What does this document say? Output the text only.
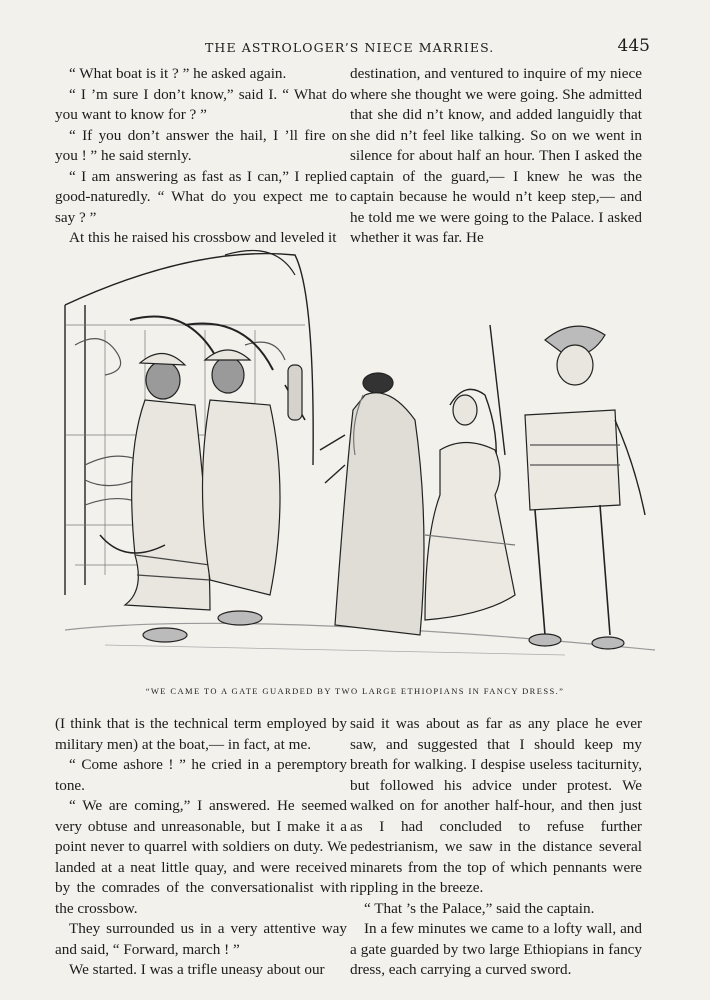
THE ASTROLOGER’S NIECE MARRIES.	445

“ What boat is it ? ” he asked again.

“ I ’m sure I don’t know,” said I. “ What do you want to know for ? ”

“ If you don’t answer the hail, I ’ll fire on you ! ” he said sternly.

“ I am answering as fast as I can,” I replied good-naturedly. “ What do you expect me to say ? ”

At this he raised his crossbow and leveled it

destination, and ventured to inquire of my niece where she thought we were going. She admitted that she did n’t know, and added languidly that she did n’t feel like talking. So on we went in silence for about half an hour. Then I asked the captain of the guard,— I knew he was the captain because he would n’t keep step,— and he told me we were going to the Palace. I asked whether it was far. He

“WE CAME TO A GATE GUARDED BY TWO LARGE ETHIOPIANS IN FANCY DRESS.”

(I think that is the technical term employed by military men) at the boat,— in fact, at me.

“ Come ashore ! ” he cried in a peremptory tone.

“ We are coming,” I answered. He seemed very obtuse and unreasonable, but I make it a point never to quarrel with soldiers on duty. We landed at a neat little quay, and were received by the comrades of the conversationalist with the crossbow.

They surrounded us in a very attentive way and said, “ Forward, march ! ”

We started. I was a trifle uneasy about our

said it was about as far as any place he ever saw, and suggested that I should keep my breath for walking. I despise useless taciturnity, but followed his advice under protest. We walked on for another half-hour, and then just as I had concluded to refuse further pedestrianism, we saw in the distance several minarets from the top of which pennants were rippling in the breeze.

“ That ’s the Palace,” said the captain.

In a few minutes we came to a lofty wall, and a gate guarded by two large Ethiopians in fancy dress, each carrying a curved sword.
